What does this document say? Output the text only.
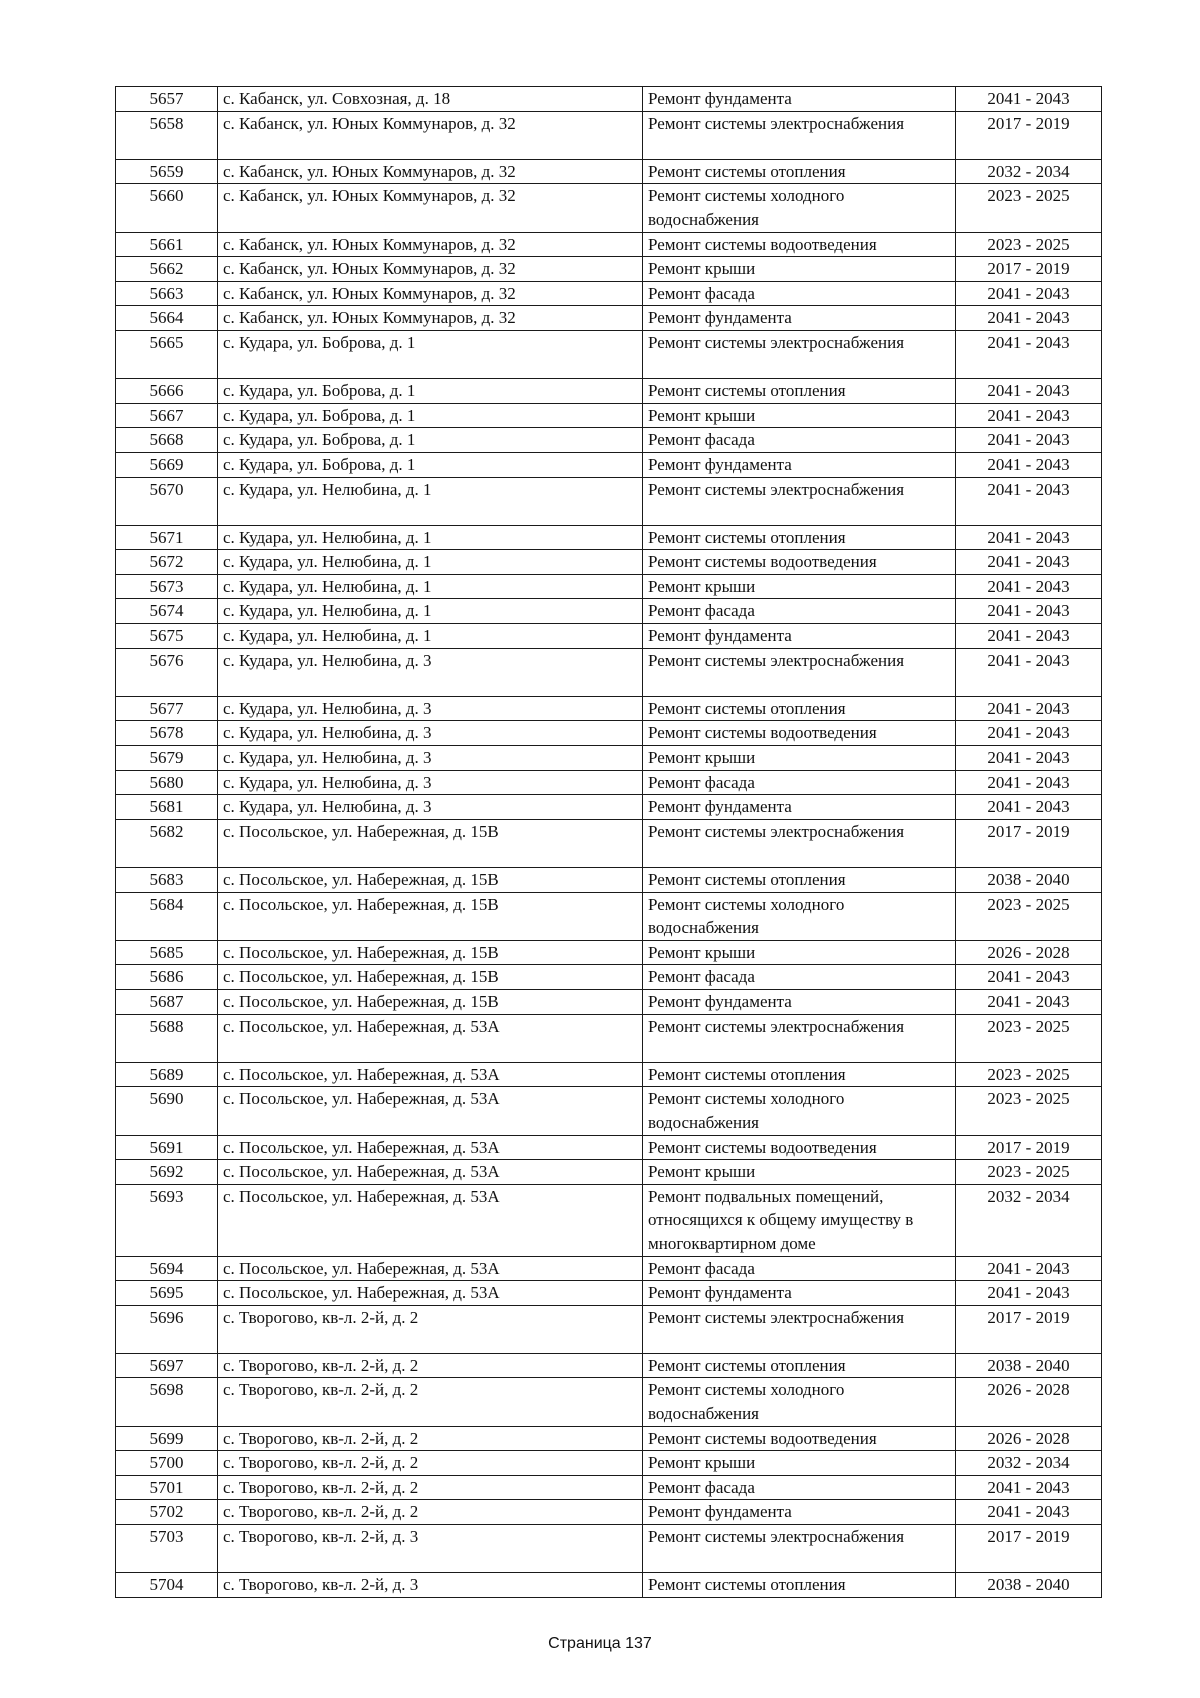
5657	с. Кабанск, ул. Совхозная, д. 18	Ремонт фундамента	2041 - 2043
5658	с. Кабанск, ул. Юных Коммунаров, д. 32	Ремонт системы электроснабжения	2017 - 2019
5659	с. Кабанск, ул. Юных Коммунаров, д. 32	Ремонт системы отопления	2032 - 2034
5660	с. Кабанск, ул. Юных Коммунаров, д. 32	Ремонт системы холодного водоснабжения	2023 - 2025
5661	с. Кабанск, ул. Юных Коммунаров, д. 32	Ремонт системы водоотведения	2023 - 2025
5662	с. Кабанск, ул. Юных Коммунаров, д. 32	Ремонт крыши	2017 - 2019
5663	с. Кабанск, ул. Юных Коммунаров, д. 32	Ремонт фасада	2041 - 2043
5664	с. Кабанск, ул. Юных Коммунаров, д. 32	Ремонт фундамента	2041 - 2043
5665	с. Кудара, ул. Боброва, д. 1	Ремонт системы электроснабжения	2041 - 2043
5666	с. Кудара, ул. Боброва, д. 1	Ремонт системы отопления	2041 - 2043
5667	с. Кудара, ул. Боброва, д. 1	Ремонт крыши	2041 - 2043
5668	с. Кудара, ул. Боброва, д. 1	Ремонт фасада	2041 - 2043
5669	с. Кудара, ул. Боброва, д. 1	Ремонт фундамента	2041 - 2043
5670	с. Кудара, ул. Нелюбина, д. 1	Ремонт системы электроснабжения	2041 - 2043
5671	с. Кудара, ул. Нелюбина, д. 1	Ремонт системы отопления	2041 - 2043
5672	с. Кудара, ул. Нелюбина, д. 1	Ремонт системы водоотведения	2041 - 2043
5673	с. Кудара, ул. Нелюбина, д. 1	Ремонт крыши	2041 - 2043
5674	с. Кудара, ул. Нелюбина, д. 1	Ремонт фасада	2041 - 2043
5675	с. Кудара, ул. Нелюбина, д. 1	Ремонт фундамента	2041 - 2043
5676	с. Кудара, ул. Нелюбина, д. 3	Ремонт системы электроснабжения	2041 - 2043
5677	с. Кудара, ул. Нелюбина, д. 3	Ремонт системы отопления	2041 - 2043
5678	с. Кудара, ул. Нелюбина, д. 3	Ремонт системы водоотведения	2041 - 2043
5679	с. Кудара, ул. Нелюбина, д. 3	Ремонт крыши	2041 - 2043
5680	с. Кудара, ул. Нелюбина, д. 3	Ремонт фасада	2041 - 2043
5681	с. Кудара, ул. Нелюбина, д. 3	Ремонт фундамента	2041 - 2043
5682	с. Посольское, ул. Набережная, д. 15В	Ремонт системы электроснабжения	2017 - 2019
5683	с. Посольское, ул. Набережная, д. 15В	Ремонт системы отопления	2038 - 2040
5684	с. Посольское, ул. Набережная, д. 15В	Ремонт системы холодного водоснабжения	2023 - 2025
5685	с. Посольское, ул. Набережная, д. 15В	Ремонт крыши	2026 - 2028
5686	с. Посольское, ул. Набережная, д. 15В	Ремонт фасада	2041 - 2043
5687	с. Посольское, ул. Набережная, д. 15В	Ремонт фундамента	2041 - 2043
5688	с. Посольское, ул. Набережная, д. 53А	Ремонт системы электроснабжения	2023 - 2025
5689	с. Посольское, ул. Набережная, д. 53А	Ремонт системы отопления	2023 - 2025
5690	с. Посольское, ул. Набережная, д. 53А	Ремонт системы холодного водоснабжения	2023 - 2025
5691	с. Посольское, ул. Набережная, д. 53А	Ремонт системы водоотведения	2017 - 2019
5692	с. Посольское, ул. Набережная, д. 53А	Ремонт крыши	2023 - 2025
5693	с. Посольское, ул. Набережная, д. 53А	Ремонт подвальных помещений, относящихся к общему имуществу в многоквартирном доме	2032 - 2034
5694	с. Посольское, ул. Набережная, д. 53А	Ремонт фасада	2041 - 2043
5695	с. Посольское, ул. Набережная, д. 53А	Ремонт фундамента	2041 - 2043
5696	с. Творогово, кв-л. 2-й, д. 2	Ремонт системы электроснабжения	2017 - 2019
5697	с. Творогово, кв-л. 2-й, д. 2	Ремонт системы отопления	2038 - 2040
5698	с. Творогово, кв-л. 2-й, д. 2	Ремонт системы холодного водоснабжения	2026 - 2028
5699	с. Творогово, кв-л. 2-й, д. 2	Ремонт системы водоотведения	2026 - 2028
5700	с. Творогово, кв-л. 2-й, д. 2	Ремонт крыши	2032 - 2034
5701	с. Творогово, кв-л. 2-й, д. 2	Ремонт фасада	2041 - 2043
5702	с. Творогово, кв-л. 2-й, д. 2	Ремонт фундамента	2041 - 2043
5703	с. Творогово, кв-л. 2-й, д. 3	Ремонт системы электроснабжения	2017 - 2019
5704	с. Творогово, кв-л. 2-й, д. 3	Ремонт системы отопления	2038 - 2040
Страница 137
